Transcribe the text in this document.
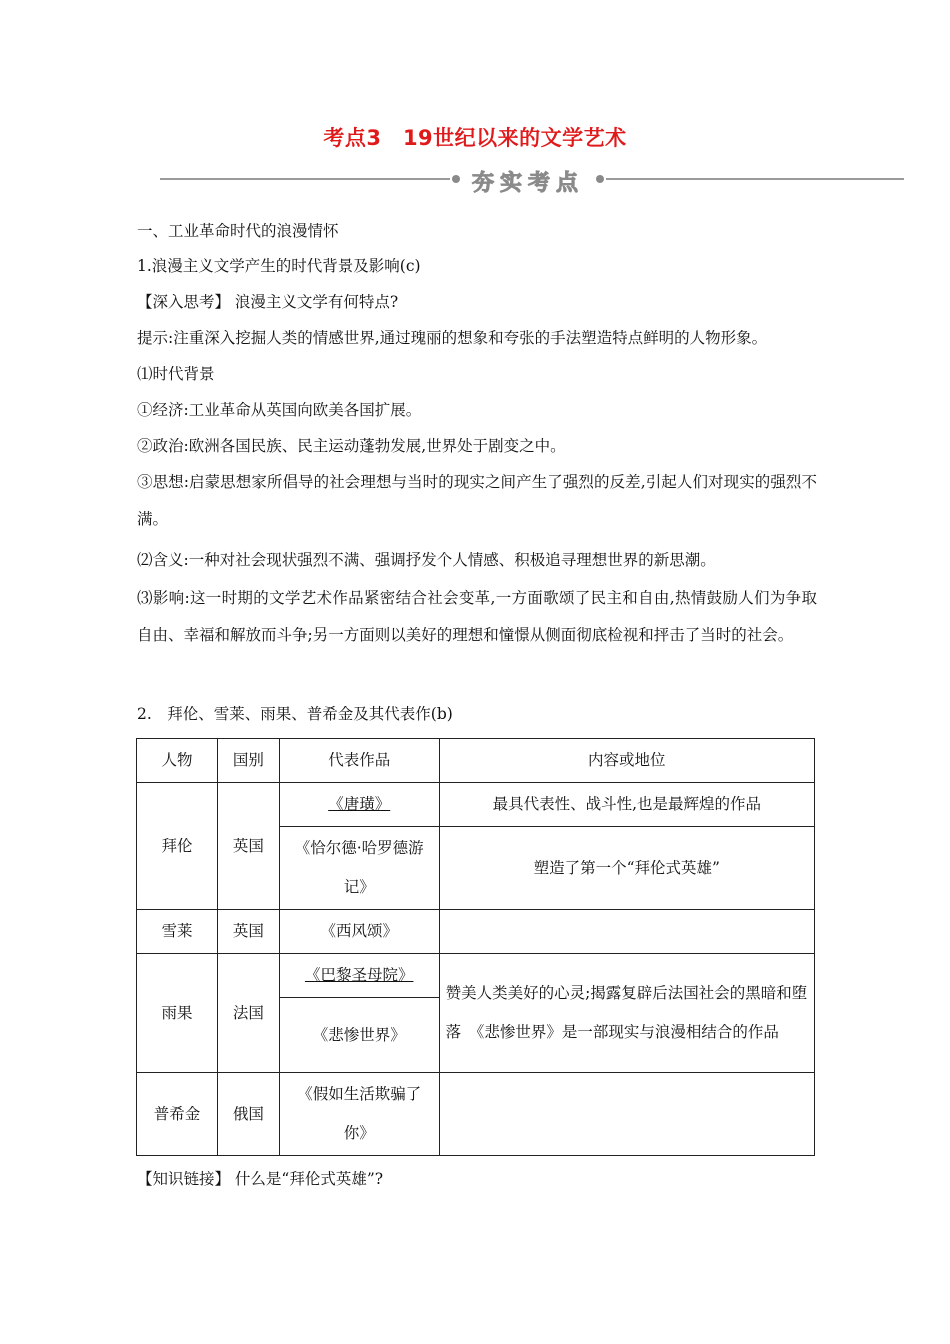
考点3　19世纪以来的文学艺术
夯实考点
一、工业革命时代的浪漫情怀
1.浪漫主义文学产生的时代背景及影响(c)
【深入思考】 浪漫主义文学有何特点?
提示:注重深入挖掘人类的情感世界,通过瑰丽的想象和夸张的手法塑造特点鲜明的人物形象。
⑴时代背景
①经济:工业革命从英国向欧美各国扩展。
②政治:欧洲各国民族、民主运动蓬勃发展,世界处于剧变之中。
③思想:启蒙思想家所倡导的社会理想与当时的现实之间产生了强烈的反差,引起人们对现实的强烈不满。
⑵含义:一种对社会现状强烈不满、强调抒发个人情感、积极追寻理想世界的新思潮。
⑶影响:这一时期的文学艺术作品紧密结合社会变革,一方面歌颂了民主和自由,热情鼓励人们为争取自由、幸福和解放而斗争;另一方面则以美好的理想和憧憬从侧面彻底检视和抨击了当时的社会。
2.　拜伦、雪莱、雨果、普希金及其代表作(b)
人物	国别	代表作品	内容或地位
拜伦	英国	《唐璜》	最具代表性、战斗性,也是最辉煌的作品
		《恰尔德·哈罗德游记》	塑造了第一个“拜伦式英雄”
雪莱	英国	《西风颂》	
雨果	法国	《巴黎圣母院》	赞美人类美好的心灵;揭露复辟后法国社会的黑暗和堕落　《悲惨世界》是一部现实与浪漫相结合的作品
		《悲惨世界》	
普希金	俄国	《假如生活欺骗了你》	
【知识链接】 什么是“拜伦式英雄”?
